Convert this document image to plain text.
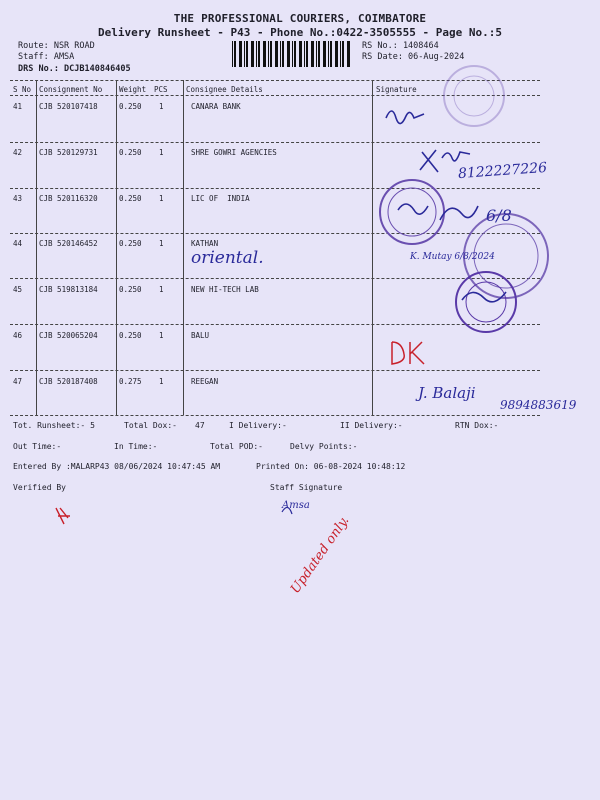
THE PROFESSIONAL COURIERS, COIMBATORE
Delivery Runsheet - P43 - Phone No.:0422-3505555 - Page No.:5
Route: NSR ROAD
Staff: AMSA
DRS No.: DCJB140846405
RS No.: 1408464
RS Date: 06-Aug-2024
S No Consignment No Weight PCS Consignee Details	Signature
41 CJB 520107418	0.250 1	CANARA BANK
42 CJB 520129731	0.250 1	SHRE GOWRI AGENCIES
43 CJB 520116320	0.250 1	LIC OF  INDIA
44 CJB 520146452	0.250 1	KATHAN
45 CJB 519813184	0.250 1	NEW HI-TECH LAB
46 CJB 520065204	0.250 1	BALU
47 CJB 520187408	0.275 1	REEGAN
oriental.
8122227226
6/8
K. Mutay 6/8/2024
J. Balaji
9894883619
Amsa
Updated only.
Tot. Runsheet:- 5	Total Dox:- 47	I Delivery:-	II Delivery:-	RTN Dox:-
Out Time:-	In Time:-	Total POD:-	Delvy Points:-
Entered By :MALARP43 08/06/2024 10:47:45 AM	Printed On: 06-08-2024 10:48:12
Verified By	Staff Signature
